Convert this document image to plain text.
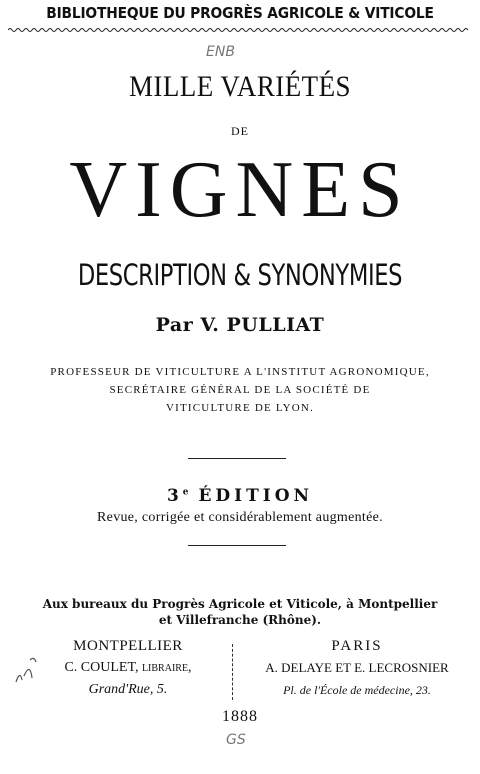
BIBLIOTHEQUE DU PROGRÈS AGRICOLE & VITICOLE
ENB
MILLE VARIÉTÉS
DE
VIGNES
DESCRIPTION & SYNONYMIES
Par V. PULLIAT
PROFESSEUR DE VITICULTURE A L'INSTITUT AGRONOMIQUE,
SECRÉTAIRE GÉNÉRAL DE LA SOCIÉTÉ DE
VITICULTURE DE LYON.
3e ÉDITION
Revue, corrigée et considérablement augmentée.
Aux bureaux du Progrès Agricole et Viticole, à Montpellier
et Villefranche (Rhône).
MONTPELLIER
C. COULET, libraire,
Grand'Rue, 5.
PARIS
A. DELAYE ET E. LECROSNIER
Pl. de l'École de médecine, 23.
1888
GS
